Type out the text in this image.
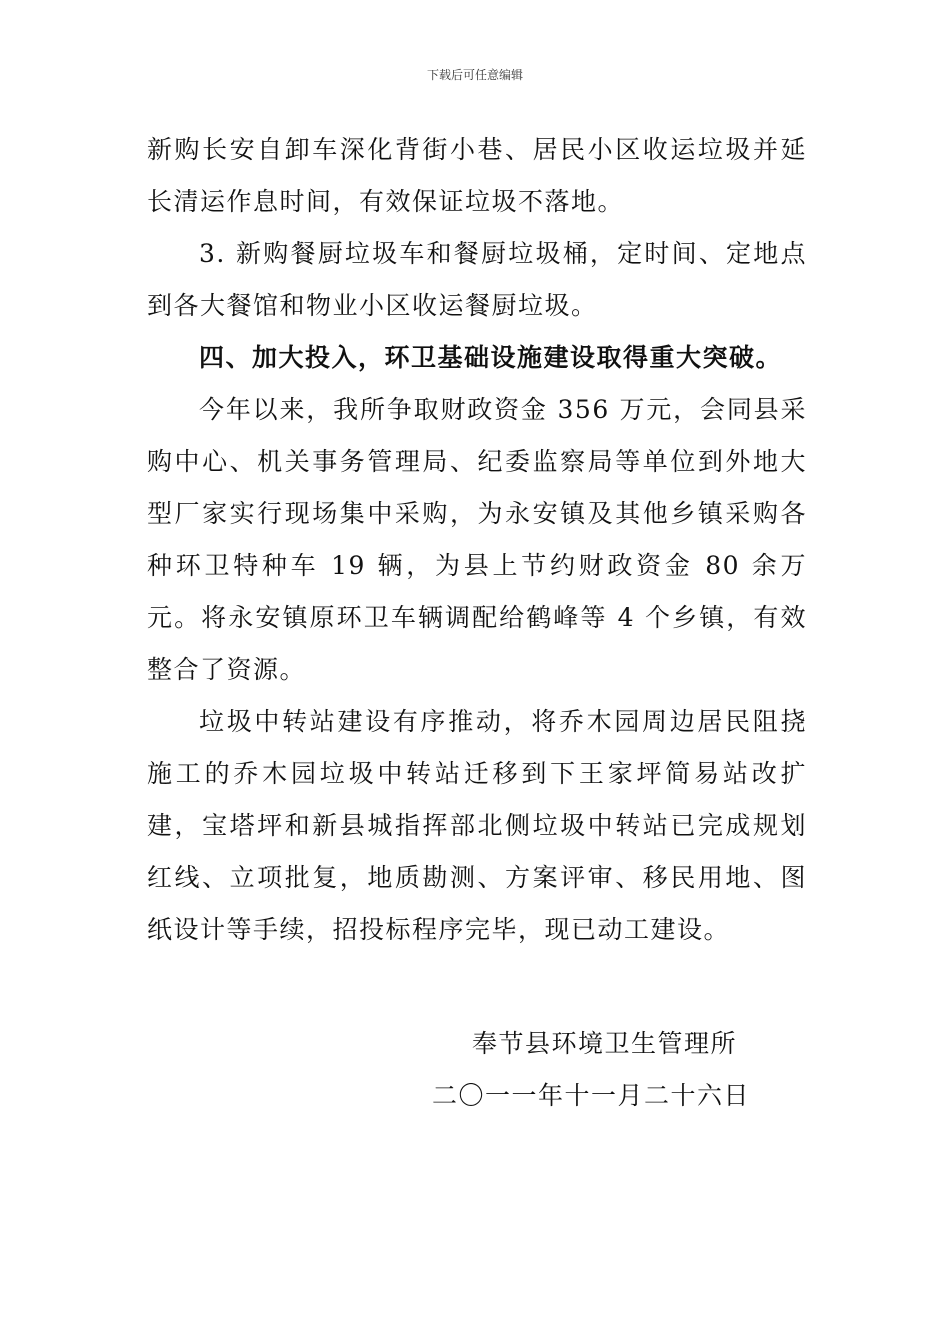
下载后可任意编辑

新购长安自卸车深化背街小巷、居民小区收运垃圾并延长清运作息时间，有效保证垃圾不落地。

3. 新购餐厨垃圾车和餐厨垃圾桶，定时间、定地点到各大餐馆和物业小区收运餐厨垃圾。

四、加大投入，环卫基础设施建设取得重大突破。

今年以来，我所争取财政资金 356 万元，会同县采购中心、机关事务管理局、纪委监察局等单位到外地大型厂家实行现场集中采购，为永安镇及其他乡镇采购各种环卫特种车 19 辆，为县上节约财政资金 80 余万元。将永安镇原环卫车辆调配给鹤峰等 4 个乡镇，有效整合了资源。

垃圾中转站建设有序推动，将乔木园周边居民阻挠施工的乔木园垃圾中转站迁移到下王家坪简易站改扩建，宝塔坪和新县城指挥部北侧垃圾中转站已完成规划红线、立项批复，地质勘测、方案评审、移民用地、图纸设计等手续，招投标程序完毕，现已动工建设。

奉节县环境卫生管理所
二〇一一年十一月二十六日
